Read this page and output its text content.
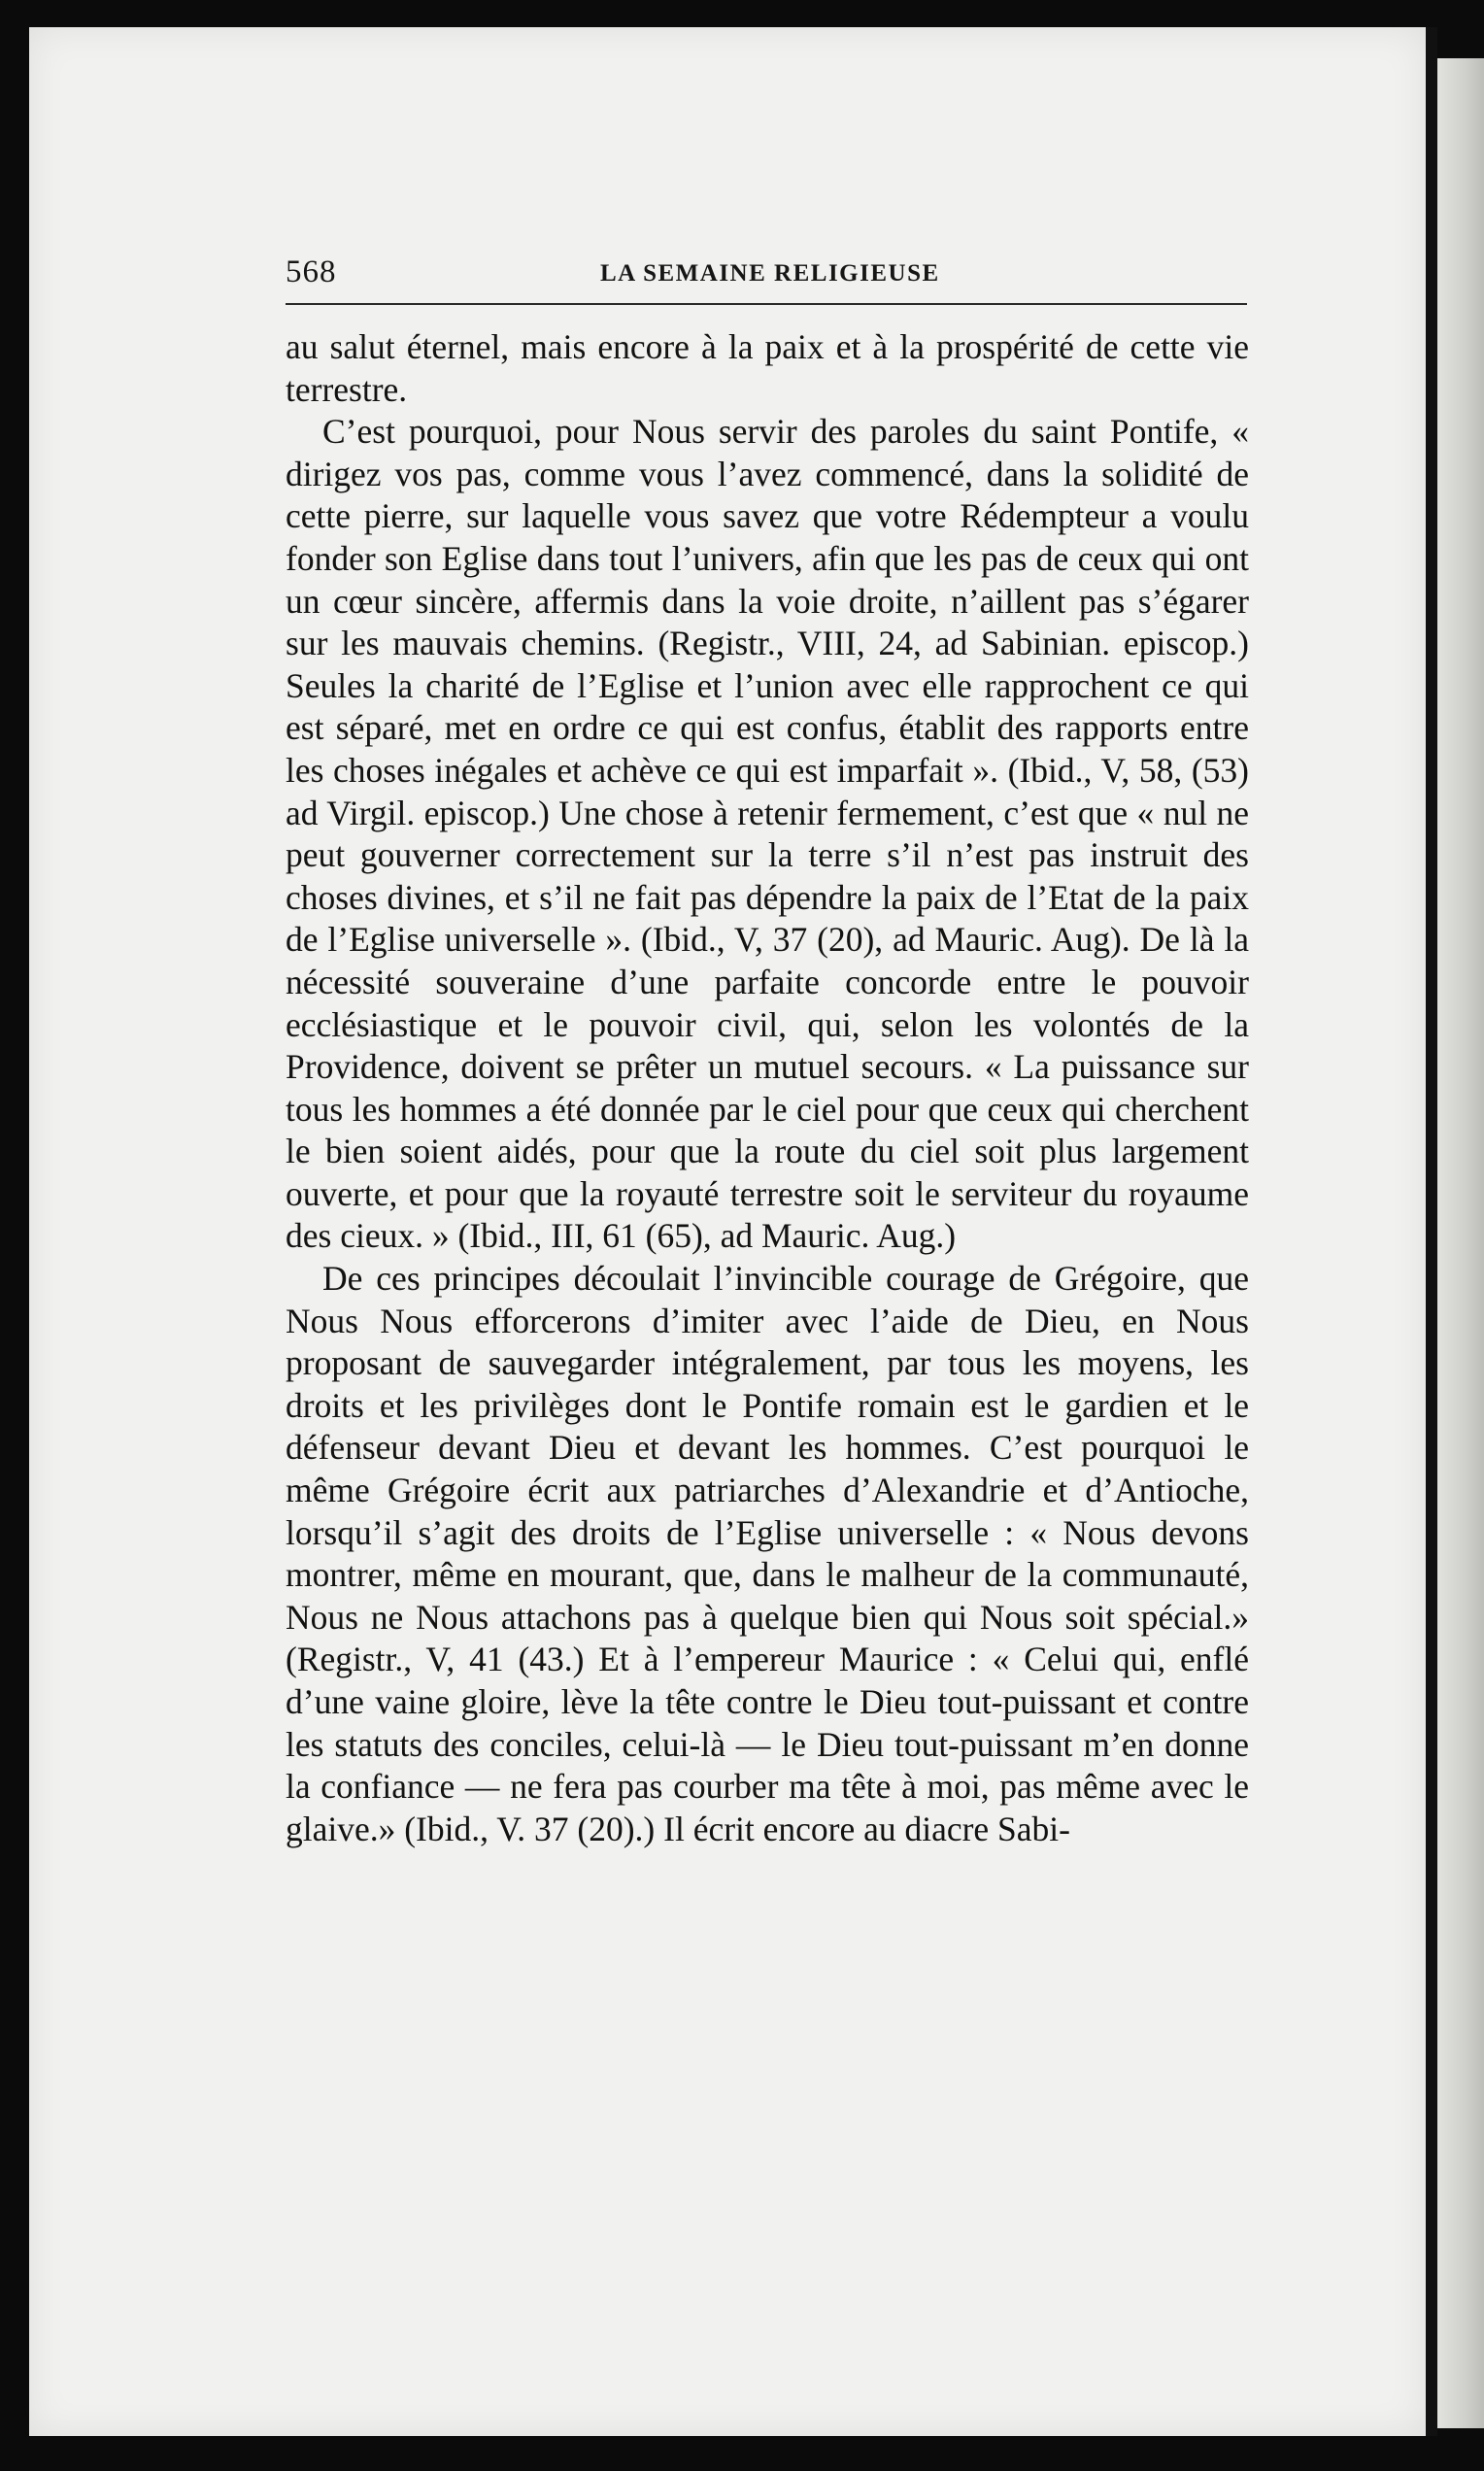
568	LA SEMAINE RELIGIEUSE

au salut éternel, mais encore à la paix et à la prospérité de cette vie terrestre.

C’est pourquoi, pour Nous servir des paroles du saint Pontife, « dirigez vos pas, comme vous l’avez commencé, dans la solidité de cette pierre, sur laquelle vous savez que votre Rédempteur a voulu fonder son Eglise dans tout l’univers, afin que les pas de ceux qui ont un cœur sincère, affermis dans la voie droite, n’aillent pas s’égarer sur les mauvais chemins. (Registr., VIII, 24, ad Sabinian. episcop.) Seules la charité de l’Eglise et l’union avec elle rapprochent ce qui est séparé, met en ordre ce qui est confus, établit des rapports entre les choses inégales et achève ce qui est imparfait ». (Ibid., V, 58, (53) ad Virgil. episcop.) Une chose à retenir fermement, c’est que « nul ne peut gouverner correctement sur la terre s’il n’est pas instruit des choses divines, et s’il ne fait pas dépendre la paix de l’Etat de la paix de l’Eglise universelle ». (Ibid., V, 37 (20), ad Mauric. Aug). De là la nécessité souveraine d’une parfaite concorde entre le pouvoir ecclésiastique et le pouvoir civil, qui, selon les volontés de la Providence, doivent se prêter un mutuel secours. « La puissance sur tous les hommes a été donnée par le ciel pour que ceux qui cherchent le bien soient aidés, pour que la route du ciel soit plus largement ouverte, et pour que la royauté terrestre soit le serviteur du royaume des cieux. » (Ibid., III, 61 (65), ad Mauric. Aug.)

De ces principes découlait l’invincible courage de Grégoire, que Nous Nous efforcerons d’imiter avec l’aide de Dieu, en Nous proposant de sauvegarder intégralement, par tous les moyens, les droits et les privilèges dont le Pontife romain est le gardien et le défenseur devant Dieu et devant les hommes. C’est pourquoi le même Grégoire écrit aux patriarches d’Alexandrie et d’Antioche, lorsqu’il s’agit des droits de l’Eglise universelle : « Nous devons montrer, même en mourant, que, dans le malheur de la communauté, Nous ne Nous attachons pas à quelque bien qui Nous soit spécial.» (Registr., V, 41 (43.) Et à l’empereur Maurice : « Celui qui, enflé d’une vaine gloire, lève la tête contre le Dieu tout-puissant et contre les statuts des conciles, celui-là — le Dieu tout-puissant m’en donne la confiance — ne fera pas courber ma tête à moi, pas même avec le glaive.» (Ibid., V. 37 (20).) Il écrit encore au diacre Sabi-
